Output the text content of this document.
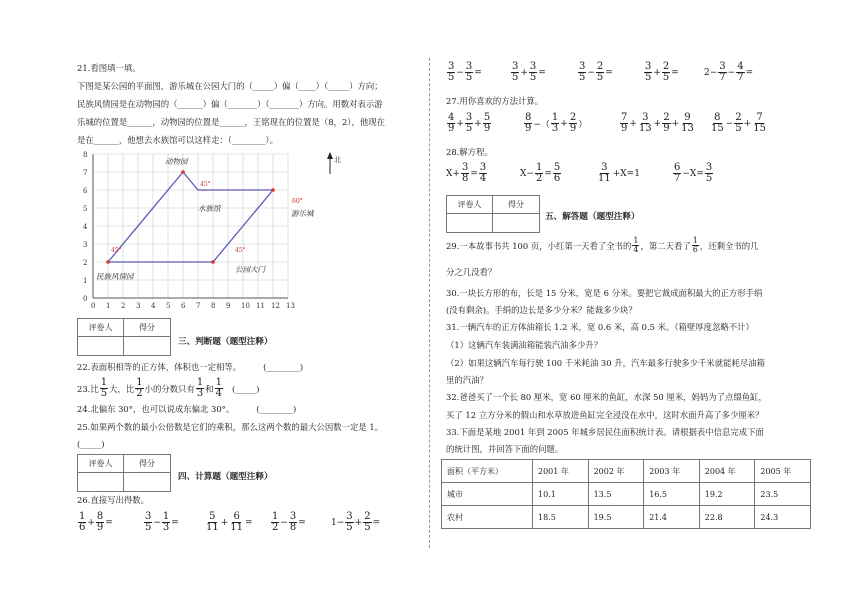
21.看图填一填。
下图是某公园的平面图，游乐城在公园大门的（_____）偏（____）（_____）方向；
民族风情园是在动物园的（______）偏（_______）（_______）方向。用数对表示游
乐城的位置是______，动物园的位置是______，王铭现在的位置是（8，2），他现在
是在______，他想去水族馆可以这样走：（________）。
0 1 2 3 4 5 6 7 8 9 10 11 12 13
0
1
2
3
4
5
6
7
8
45°
45°
60°
45°
动物园
水族馆
游乐城
民族风情园
公园大门
北
评卷人	得分
三、判断题（题型注释）
22.表面积相等的正方体，体积也一定相等。	(________)
23.比 $\frac{1}{5}$ 大，比 $\frac{1}{2}$ 小的分数只有 $\frac{1}{3}$ 和 $\frac{1}{4}$ (_____)
24.北偏东 30°，也可以说成东偏北 30°。	(________)
25.如果两个数的最小公倍数是它们的乘积，那么这两个数的最大公因数一定是 1。
(_____)
评卷人	得分
四、计算题（题型注释）
26.直接写出得数。
$\frac{1}{6} + \frac{8}{9}$ =	$\frac{3}{5} - \frac{1}{3}$ =	$\frac{5}{11} + \frac{6}{11} = \frac{1}{2} - \frac{3}{8}$ =	$1- \frac{3}{5} + \frac{2}{5}$ =
$\frac{3}{5} - \frac{3}{5}$ =	$\frac{3}{5} + \frac{3}{5}$ =	$\frac{3}{5} - \frac{2}{5}$ =	$\frac{3}{5} + \frac{2}{5}$ =	$2- \frac{3}{7} - \frac{4}{7}$ =
27.用你喜欢的方法计算。
$\frac{4}{9} + \frac{3}{5} + \frac{5}{9}$	$\frac{8}{9}$ −（ $\frac{1}{3} + \frac{2}{9}$ ）	$\frac{7}{9} + \frac{3}{13} + \frac{2}{9} + \frac{9}{13} \frac{8}{15} - \frac{2}{5} + \frac{7}{15}$
28.解方程。
$X+ \frac{3}{8} = \frac{3}{4}$	$X- \frac{1}{2} = \frac{5}{6}$	$\frac{3}{11} +X=1$	$\frac{6}{7} -X= \frac{3}{5}$
评卷人	得分
五、解答题（题型注释）
29.一本故事书共 100 页，小红第一天看了全书的 $\frac{1}{4}$ ，第二天看了 $\frac{1}{6}$ ，还剩全书的几
分之几没看？
30.一块长方形的布，长是 15 分米，宽是 6 分米。要把它裁成面积最大的正方形手绢
(没有剩余)。手绢的边长是多少分米？能裁多少块？
31.一辆汽车的正方体油箱长 1.2 米，宽 0.6 米，高 0.5 米。（箱壁厚度忽略不计）
（1）这辆汽车装满油箱能装汽油多少升？
（2）如果这辆汽车每行驶 100 千米耗油 30 升，汽车最多行驶多少千米就能耗尽油箱
里的汽油？
32.爸爸买了一个长 80 厘米，宽 60 厘米的鱼缸，水深 50 厘米，妈妈为了点缀鱼缸，
买了 12 立方分米的假山和水草放进鱼缸完全浸没在水中，这时水面升高了多少厘米？
33.下面是某地 2001 年到 2005 年城乡居民住面积统计表。请根据表中信息完成下面
的统计图，并回答下面的问题。
面积（平方米）	2001 年	2002 年	2003 年	2004 年	2005 年
城市	10.1	13.5	16.5	19.2	23.5
农村	18.5	19.5	21.4	22.8	24.3
